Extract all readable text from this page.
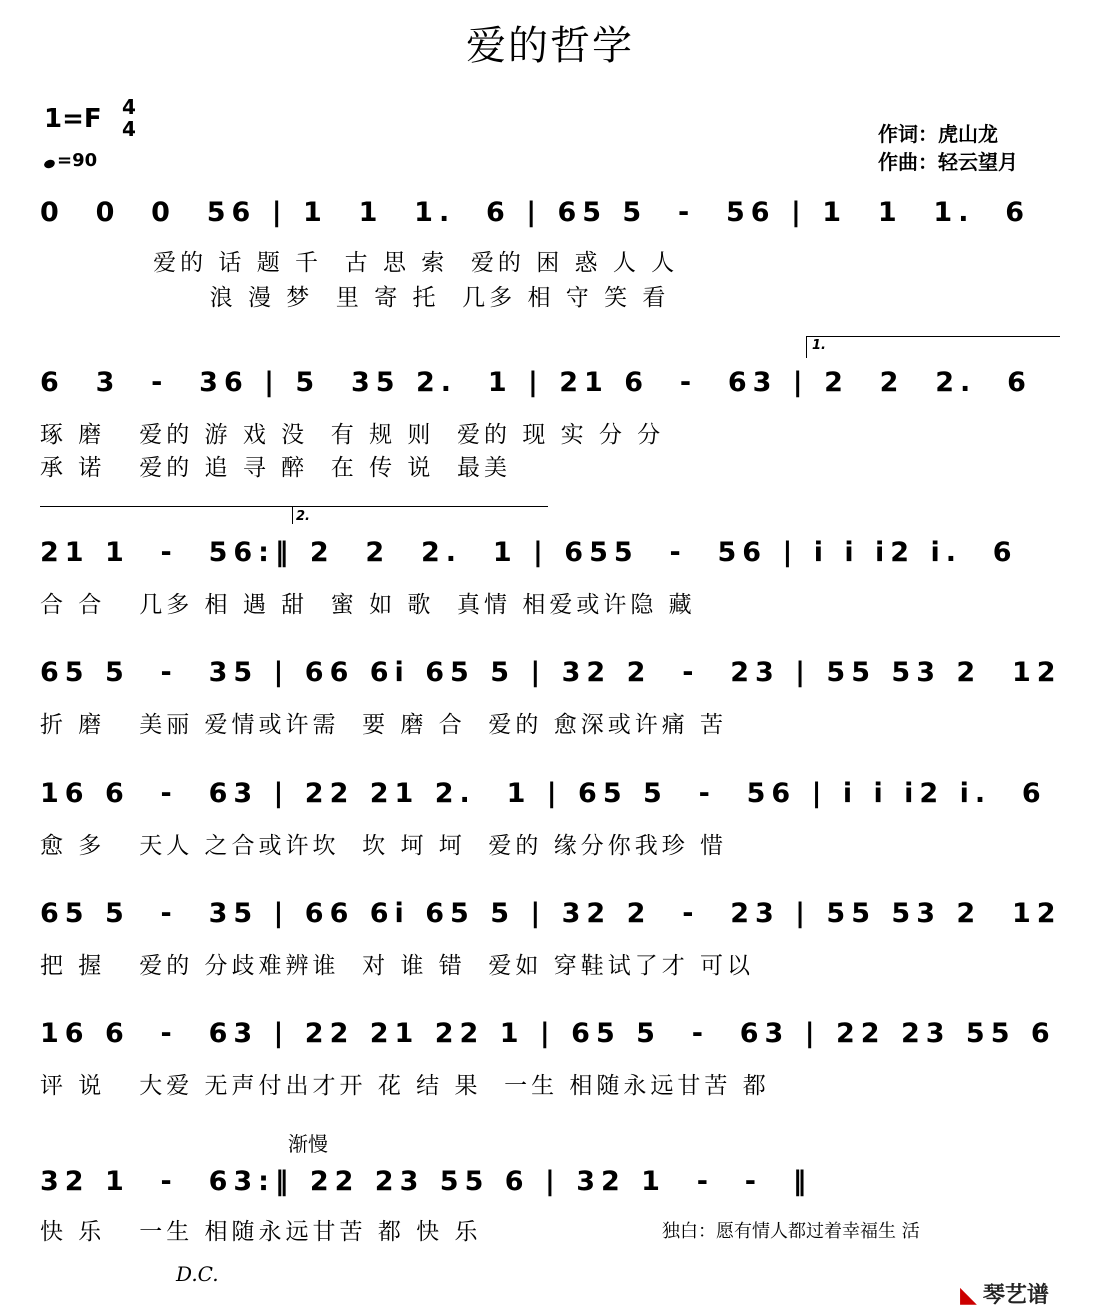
爱的哲学
1=F 4
4
=90
作词：虎山龙
作曲：轻云望月
0  0  0  56 | 1  1  1.  6 | 65 5  -  56 | 1  1  1.  6
爱的 话 题 千  古 思 索  爱的 困 惑 人 人
浪 漫 梦  里 寄 托  几多 相 守 笑 看
1.
6  3  -  36 | 5  35 2.  1 | 21 6  -  63 | 2  2  2.  6
琢 磨   爱的 游 戏 没  有 规 则  爱的 现 实 分 分
承 诺   爱的 追 寻 醉  在 传 说  最美
2.
21 1  -  56:‖ 2  2  2.  1 | 655  -  56 | i i i2 i.  6
合 合   几多 相 遇 甜  蜜 如 歌  真情 相爱或许隐 藏
65 5  -  35 | 66 6i 65 5 | 32 2  -  23 | 55 53 2  12
折 磨   美丽 爱情或许需  要 磨 合  爱的 愈深或许痛 苦
16 6  -  63 | 22 21 2.  1 | 65 5  -  56 | i i i2 i.  6
愈 多   天人 之合或许坎  坎 坷 坷  爱的 缘分你我珍 惜
65 5  -  35 | 66 6i 65 5 | 32 2  -  23 | 55 53 2  12
把 握   爱的 分歧难辨谁  对 谁 错  爱如 穿鞋试了才 可以
16 6  -  63 | 22 21 22 1 | 65 5  -  63 | 22 23 55 6
评 说   大爱 无声付出才开 花 结 果  一生 相随永远甘苦 都
渐慢
32 1  -  63:‖ 22 23 55 6 | 32 1  -  -  ‖
快 乐   一生 相随永远甘苦 都 快 乐	独白：愿有情人都过着幸福生 活
D.C.
◣ 琴艺谱
